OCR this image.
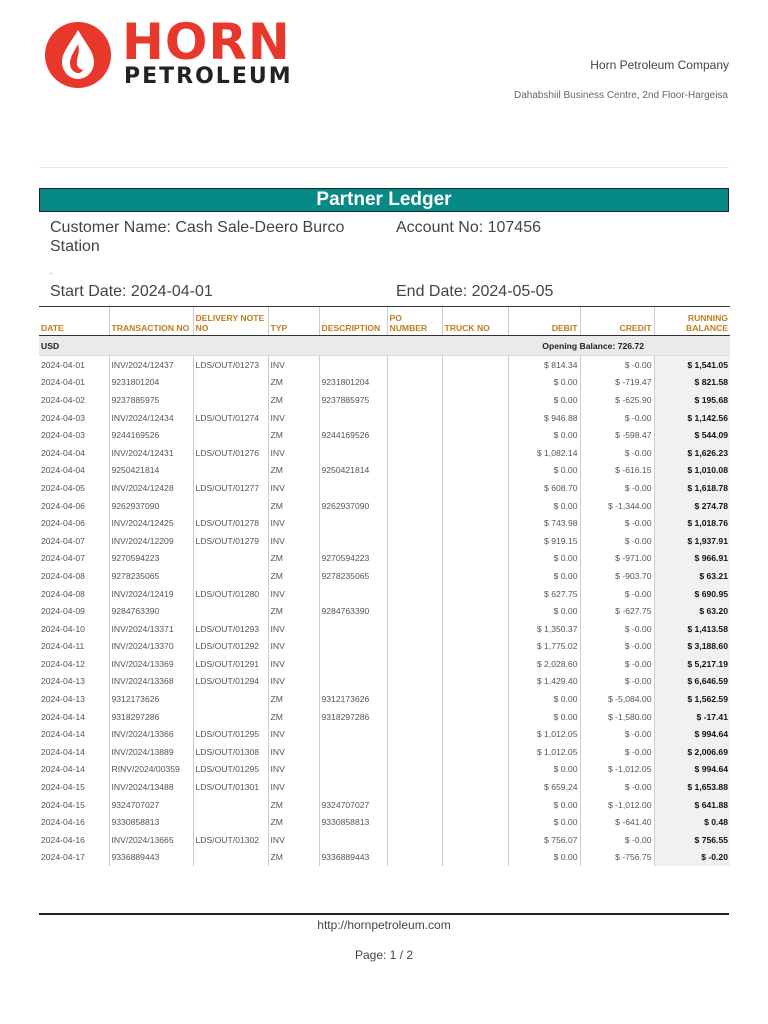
HORN
PETROLEUM	Horn Petroleum Company
Dahabshiil Business Centre, 2nd Floor-Hargeisa
Partner Ledger
Customer Name: Cash Sale-Deero Burco Station
Account No: 107456
.
Start Date: 2024-04-01	End Date: 2024-05-05
DATE	TRANSACTION NO	DELIVERY NOTE NO	TYP	DESCRIPTION	PO NUMBER	TRUCK NO	DEBIT	CREDIT	RUNNING BALANCE
USD					Opening Balance: 726.72				
2024-04-01	INV/2024/12437	LDS/OUT/01273	INV				$ 814.34	$ -0.00	$ 1,541.05
2024-04-01	9231801204		ZM	9231801204			$ 0.00	$ -719.47	$ 821.58
2024-04-02	9237885975		ZM	9237885975			$ 0.00	$ -625.90	$ 195.68
2024-04-03	INV/2024/12434	LDS/OUT/01274	INV				$ 946.88	$ -0.00	$ 1,142.56
2024-04-03	9244169526		ZM	9244169526			$ 0.00	$ -598.47	$ 544.09
2024-04-04	INV/2024/12431	LDS/OUT/01276	INV				$ 1,082.14	$ -0.00	$ 1,626.23
2024-04-04	9250421814		ZM	9250421814			$ 0.00	$ -616.15	$ 1,010.08
2024-04-05	INV/2024/12428	LDS/OUT/01277	INV				$ 608.70	$ -0.00	$ 1,618.78
2024-04-06	9262937090		ZM	9262937090			$ 0.00	$ -1,344.00	$ 274.78
2024-04-06	INV/2024/12425	LDS/OUT/01278	INV				$ 743.98	$ -0.00	$ 1,018.76
2024-04-07	INV/2024/12209	LDS/OUT/01279	INV				$ 919.15	$ -0.00	$ 1,937.91
2024-04-07	9270594223		ZM	9270594223			$ 0.00	$ -971.00	$ 966.91
2024-04-08	9278235065		ZM	9278235065			$ 0.00	$ -903.70	$ 63.21
2024-04-08	INV/2024/12419	LDS/OUT/01280	INV				$ 627.75	$ -0.00	$ 690.95
2024-04-09	9284763390		ZM	9284763390			$ 0.00	$ -627.75	$ 63.20
2024-04-10	INV/2024/13371	LDS/OUT/01293	INV				$ 1,350.37	$ -0.00	$ 1,413.58
2024-04-11	INV/2024/13370	LDS/OUT/01292	INV				$ 1,775.02	$ -0.00	$ 3,188.60
2024-04-12	INV/2024/13369	LDS/OUT/01291	INV				$ 2,028.60	$ -0.00	$ 5,217.19
2024-04-13	INV/2024/13368	LDS/OUT/01294	INV				$ 1,429.40	$ -0.00	$ 6,646.59
2024-04-13	9312173626		ZM	9312173626			$ 0.00	$ -5,084.00	$ 1,562.59
2024-04-14	9318297286		ZM	9318297286			$ 0.00	$ -1,580.00	$ -17.41
2024-04-14	INV/2024/13366	LDS/OUT/01295	INV				$ 1,012.05	$ -0.00	$ 994.64
2024-04-14	INV/2024/13889	LDS/OUT/01308	INV				$ 1,012.05	$ -0.00	$ 2,006.69
2024-04-14	RINV/2024/00359	LDS/OUT/01295	INV				$ 0.00	$ -1,012.05	$ 994.64
2024-04-15	INV/2024/13488	LDS/OUT/01301	INV				$ 659.24	$ -0.00	$ 1,653.88
2024-04-15	9324707027		ZM	9324707027			$ 0.00	$ -1,012.00	$ 641.88
2024-04-16	9330858813		ZM	9330858813			$ 0.00	$ -641.40	$ 0.48
2024-04-16	INV/2024/13665	LDS/OUT/01302	INV				$ 756.07	$ -0.00	$ 756.55
2024-04-17	9336889443		ZM	9336889443			$ 0.00	$ -756.75	$ -0.20
http://hornpetroleum.com
Page: 1 / 2
